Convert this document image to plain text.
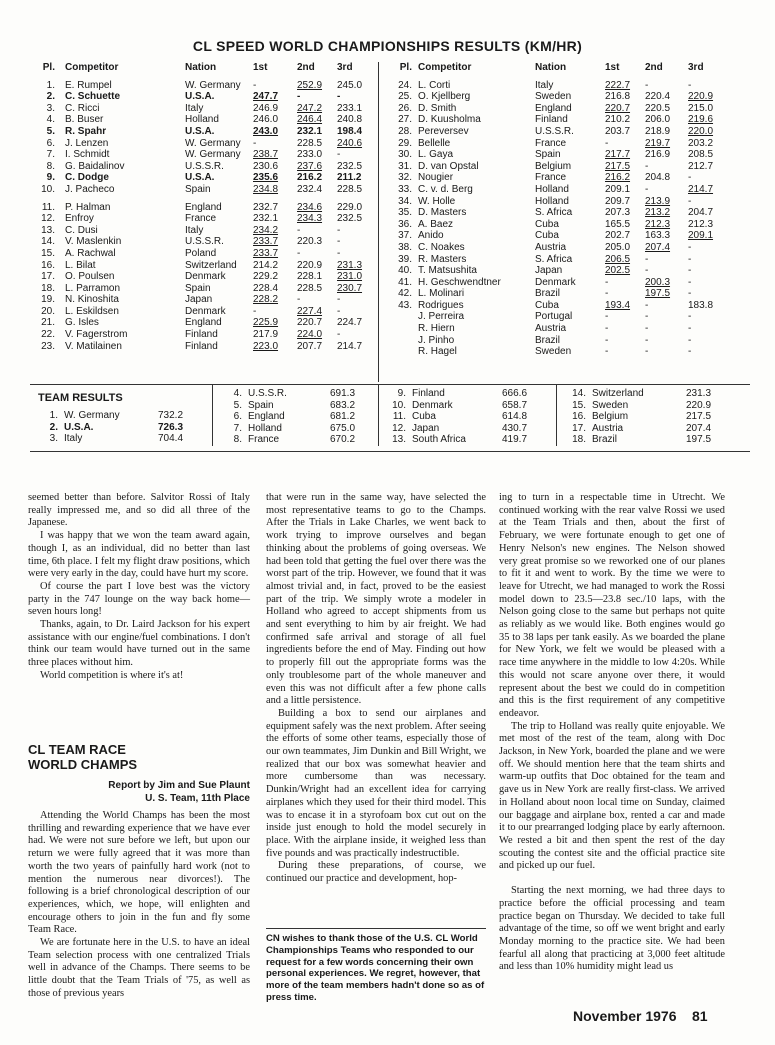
CL SPEED WORLD CHAMPIONSHIPS RESULTS (KM/HR)
Pl. Competitor	Nation	1st	2nd 3rd
1. E. Rumpel	W. Germany -	252.9 245.0
2. C. Schuette	U.S.A.	247.7 -	-
3. C. Ricci	Italy	246.9 247.2 233.1
4. B. Buser	Holland	246.0 246.4 240.8
5. R. Spahr	U.S.A.	243.0 232.1 198.4
6. J. Lenzen	W. Germany -	228.5 240.6
7. I. Schmidt	W. Germany 238.7 233.0 -
8. G. Baidalinov	U.S.S.R.	230.6 237.6 232.5
9. C. Dodge	U.S.A.	235.6 216.2 211.2
10. J. Pacheco	Spain	234.8 232.4 228.5
11. P. Halman	England	232.7 234.6 229.0
12. Enfroy	France	232.1 234.3 232.5
13. C. Dusi	Italy	234.2 -	-
14. V. Maslenkin	U.S.S.R.	233.7 220.3 -
15. A. Rachwal	Poland	233.7 -	-
16. L. Bilat	Switzerland 214.2 220.9 231.3
17. O. Poulsen	Denmark	229.2 228.1 231.0
18. L. Parramon	Spain	228.4 228.5 230.7
19. N. Kinoshita	Japan	228.2 -	-
20. L. Eskildsen	Denmark	-	227.4 -
21. G. Isles	England	225.9 220.7 224.7
22. V. Fagerstrom	Finland	217.9 224.0 -
23. V. Matilainen	Finland	223.0 207.7 214.7
Pl. Competitor	Nation	1st	2nd	3rd
24. L. Corti	Italy	222.7 -	-
25. O. Kjellberg	Sweden	216.8 220.4 220.9
26. D. Smith	England	220.7 220.5 215.0
27. D. Kuusholma	Finland	210.2 206.0 219.6
28. Pereversev	U.S.S.R.	203.7 218.9 220.0
29. Bellelle	France	-	219.7 203.2
30. L. Gaya	Spain	217.7 216.9 208.5
31. D. van Opstal	Belgium	217.5 -	212.7
32. Nougier	France	216.2 204.8 -
33. C. v. d. Berg	Holland	209.1 -	214.7
34. W. Holle	Holland	209.7 213.9 -
35. D. Masters	S. Africa	207.3 213.2 204.7
36. A. Baez	Cuba	165.5 212.3 212.3
37. Anido	Cuba	202.7 163.3 209.1
38. C. Noakes	Austria	205.0 207.4 -
39. R. Masters	S. Africa	206.5 -	-
40. T. Matsushita	Japan	202.5 -	-
41. H. Geschwendtner	Denmark	-	200.3 -
42. L. Molinari	Brazil	-	197.5 -
43. Rodrigues	Cuba	193.4 -	183.8
J. Perreira	Portugal	-	-	-
R. Hiern	Austria	-	-	-
J. Pinho	Brazil	-	-	-
R. Hagel	Sweden	-	-	-
TEAM RESULTS
1. W. Germany	732.2
2. U.S.A.	726.3
3. Italy	704.4
4. U.S.S.R.	691.3
5. Spain	683.2
6. England	681.2
7. Holland	675.0
8. France	670.2
9. Finland	666.6
10. Denmark	658.7
11. Cuba	614.8
12. Japan	430.7
13. South Africa	419.7
14. Switzerland	231.3
15. Sweden	220.9
16. Belgium	217.5
17. Austria	207.4
18. Brazil	197.5

seemed better than before. Salvitor Rossi of Italy really impressed me, and so did all three of the Japanese.

I was happy that we won the team award again, though I, as an individual, did no better than last time, 6th place. I felt my flight draw positions, which were very early in the day, could have hurt my score.

Of course the part I love best was the victory party in the 747 lounge on the way back home—seven hours long!

Thanks, again, to Dr. Laird Jackson for his expert assistance with our engine/fuel combinations. I don't think our team would have turned out in the same three places without him.

World competition is where it's at!

CL TEAM RACE
WORLD CHAMPS
Report by Jim and Sue Plaunt
U. S. Team, 11th Place

Attending the World Champs has been the most thrilling and rewarding experience that we have ever had. We were not sure before we left, but upon our return we were fully agreed that it was more than worth the two years of painfully hard work (not to mention the numerous near divorces!). The following is a brief chronological description of our experiences, which, we hope, will enlighten and encourage others to join in the fun and fly some Team Race.

We are fortunate here in the U.S. to have an ideal Team selection process with one centralized Trials well in advance of the Champs. There seems to be little doubt that the Team Trials of '75, as well as those of previous years

that were run in the same way, have selected the most representative teams to go to the Champs. After the Trials in Lake Charles, we went back to work trying to improve ourselves and began thinking about the problems of going overseas. We had been told that getting the fuel over there was the worst part of the trip. However, we found that it was almost trivial and, in fact, proved to be the easiest part of the trip. We simply wrote a modeler in Holland who agreed to accept shipments from us and sent everything to him by air freight. We had confirmed safe arrival and storage of all fuel ingredients before the end of May. Finding out how to properly fill out the appropriate forms was the only troublesome part of the whole maneuver and even this was not difficult after a few phone calls and a little persistence.

Building a box to send our airplanes and equipment safely was the next problem. After seeing the efforts of some other teams, especially those of our own teammates, Jim Dunkin and Bill Wright, we realized that our box was somewhat heavier and more cumbersome than was necessary. Dunkin/Wright had an excellent idea for carrying airplanes which they used for their third model. This was to encase it in a styrofoam box cut out on the inside just enough to hold the model securely in place. With the airplane inside, it weighed less than five pounds and was practically indestructible.

During these preparations, of course, we continued our practice and development, hop-

CN wishes to thank those of the U.S. CL World Championships Teams who responded to our request for a few words concerning their own personal experiences. We regret, however, that more of the team members hadn't done so as of press time.

ing to turn in a respectable time in Utrecht. We continued working with the rear valve Rossi we used at the Team Trials and then, about the first of February, we were fortunate enough to get one of Henry Nelson's new engines. The Nelson showed very great promise so we reworked one of our planes to fit it and went to work. By the time we were to leave for Utrecht, we had managed to work the Rossi model down to 23.5—23.8 sec./10 laps, with the Nelson going close to the same but perhaps not quite as reliably as we would like. Both engines would go 35 to 38 laps per tank easily. As we boarded the plane for New York, we felt we would be pleased with a race time anywhere in the middle to low 4:20s. While this would not scare anyone over there, it would represent about the best we could do in competition and this is the first requirement of any competitive endeavor.

The trip to Holland was really quite enjoyable. We met most of the rest of the team, along with Doc Jackson, in New York, boarded the plane and we were off. We should mention here that the team shirts and warm-up outfits that Doc obtained for the team and gave us in New York are really first-class. We arrived in Holland about noon local time on Sunday, claimed our baggage and airplane box, rented a car and made it to our prearranged lodging place by early afternoon. We rested a bit and then spent the rest of the day scouting the contest site and the official practice site and picked up our fuel.

Starting the next morning, we had three days to practice before the official processing and team practice began on Thursday. We decided to take full advantage of the time, so off we went bright and early Monday morning to the practice site. We had been fearful all along that practicing at 3,000 feet altitude and less than 10% humidity might lead us

November 1976 81
